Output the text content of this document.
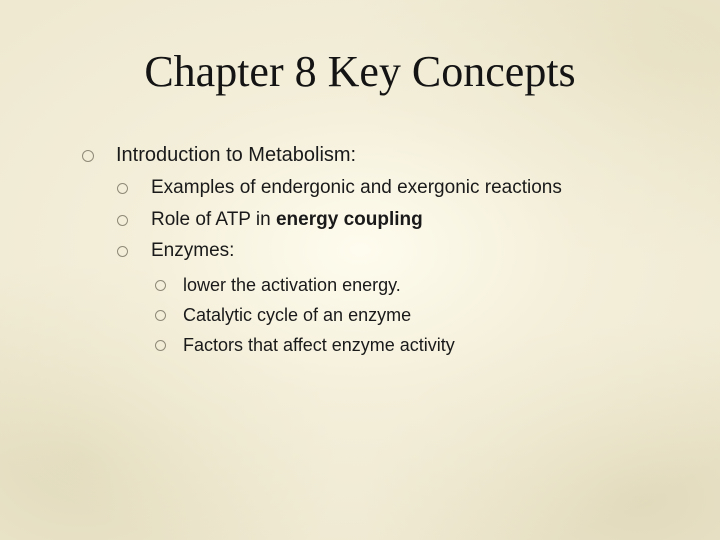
Chapter 8 Key Concepts
Introduction to Metabolism:
Examples of endergonic and exergonic reactions
Role of ATP in energy coupling
Enzymes:
lower the activation energy.
Catalytic cycle of an enzyme
Factors that affect enzyme activity
